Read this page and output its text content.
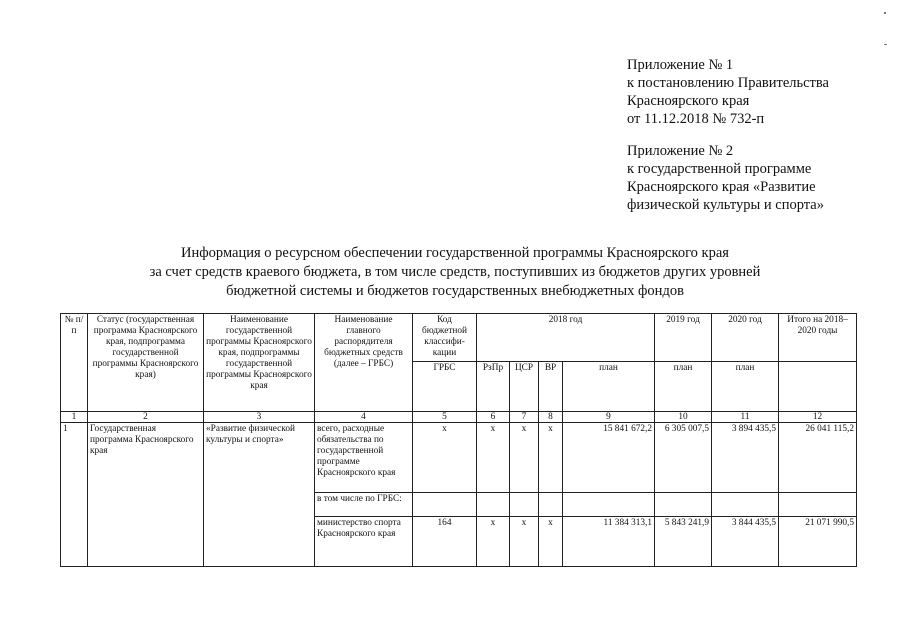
Приложение № 1
к постановлению Правительства
Красноярского края
от 11.12.2018 № 732-п
Приложение № 2
к государственной программе
Красноярского края «Развитие
физической культуры и спорта»
Информация о ресурсном обеспечении государственной программы Красноярского края
за счет средств краевого бюджета, в том числе средств, поступивших из бюджетов других уровней
бюджетной системы и бюджетов государственных внебюджетных фондов
№ п/п	Статус (государственная программа Красноярского края, подпрограмма государственной программы Красноярского края)	Наименование государственной программы Красноярского края, подпрограммы государственной программы Красноярского края	Наименование главного распорядителя бюджетных средств (далее – ГРБС)	Код бюджетной классифи-кации	2018 год				2019 год	2020 год	Итого на 2018–2020 годы
				ГРБС	РзПр	ЦСР	ВР	план	план	план	
1	2	3	4	5	6	7	8	9	10	11	12
1	Государственная программа Красноярского края	«Развитие физической культуры и спорта»	всего, расходные обязательства по государственной программе Красноярского края	х	х	х	х	15 841 672,2	6 305 007,5	3 894 435,5	26 041 115,2
			в том числе по ГРБС:								
			министерство спорта Красноярского края	164	х	х	х	11 384 313,1	5 843 241,9	3 844 435,5	21 071 990,5
